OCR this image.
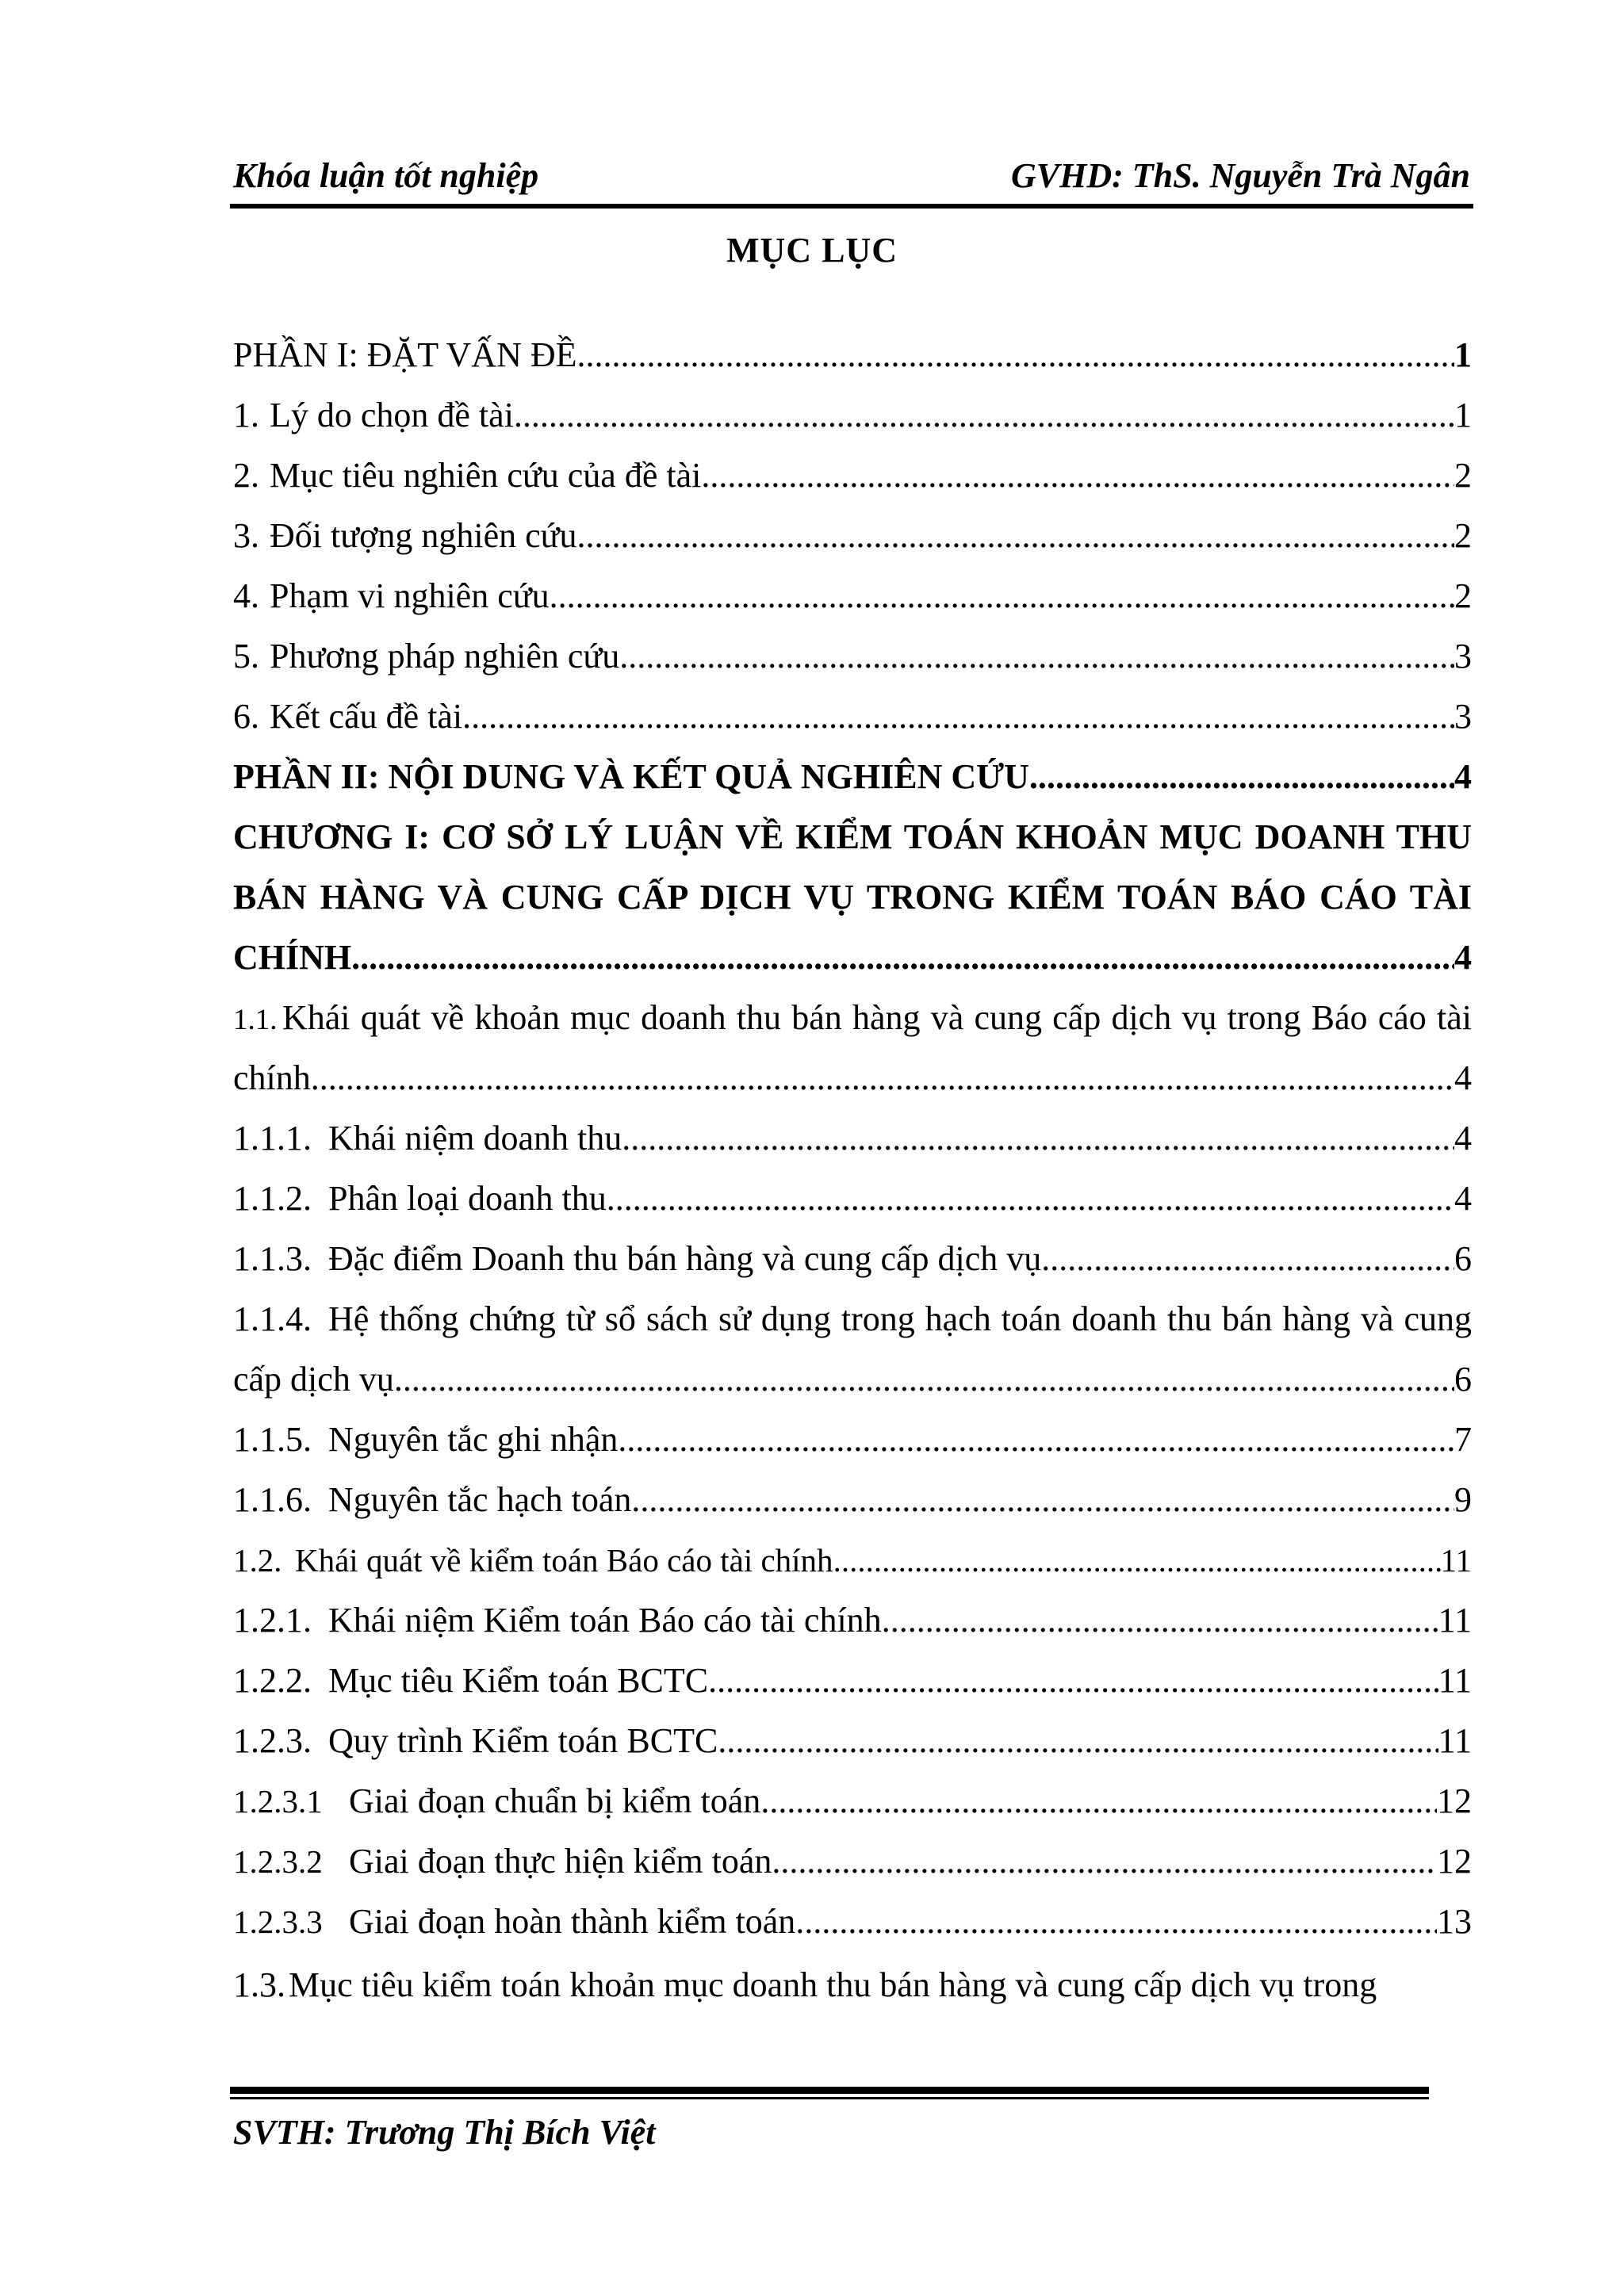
Khóa luận tốt nghiệp	GVHD: ThS. Nguyễn Trà Ngân
MỤC LỤC
PHẦN I: ĐẶT VẤN ĐỀ .....	1
1. Lý do chọn đề tài .....	1
2. Mục tiêu nghiên cứu của đề tài .....	2
3. Đối tượng nghiên cứu .....	2
4. Phạm vi nghiên cứu .....	2
5. Phương pháp nghiên cứu .....	3
6. Kết cấu đề tài .....	3
PHẦN II: NỘI DUNG VÀ KẾT QUẢ NGHIÊN CỨU .....	4
CHƯƠNG I: CƠ SỞ LÝ LUẬN VỀ KIỂM TOÁN KHOẢN MỤC DOANH THU
BÁN HÀNG VÀ CUNG CẤP DỊCH VỤ TRONG KIỂM TOÁN BÁO CÁO TÀI
CHÍNH .....	4
1.1. Khái quát về khoản mục doanh thu bán hàng và cung cấp dịch vụ trong Báo cáo tài
chính .....	4
1.1.1. Khái niệm doanh thu .....	4
1.1.2. Phân loại doanh thu .....	4
1.1.3. Đặc điểm Doanh thu bán hàng và cung cấp dịch vụ .....	6
1.1.4. Hệ thống chứng từ sổ sách sử dụng trong hạch toán doanh thu bán hàng và cung
cấp dịch vụ .....	6
1.1.5. Nguyên tắc ghi nhận .....	7
1.1.6. Nguyên tắc hạch toán .....	9
1.2. Khái quát về kiểm toán Báo cáo tài chính .....	11
1.2.1. Khái niệm Kiểm toán Báo cáo tài chính .....	11
1.2.2. Mục tiêu Kiểm toán BCTC .....	11
1.2.3. Quy trình Kiểm toán BCTC .....	11
1.2.3.1 Giai đoạn chuẩn bị kiểm toán .....	12
1.2.3.2 Giai đoạn thực hiện kiểm toán .....	12
1.2.3.3 Giai đoạn hoàn thành kiểm toán .....	13
1.3. Mục tiêu kiểm toán khoản mục doanh thu bán hàng và cung cấp dịch vụ trong
SVTH: Trương Thị Bích Việt
